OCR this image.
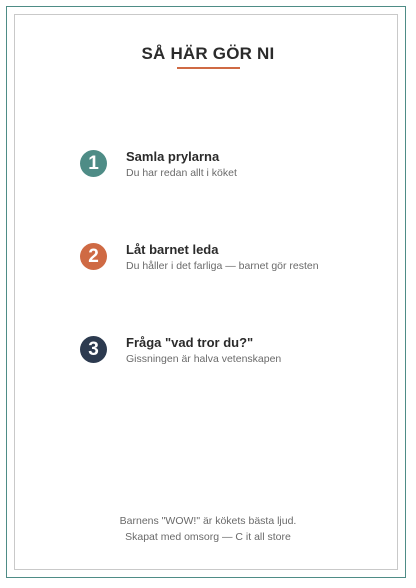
SÅ HÄR GÖR NI
1	Samla prylarna
Du har redan allt i köket
2	Låt barnet leda
Du håller i det farliga — barnet gör resten
3	Fråga "vad tror du?"
Gissningen är halva vetenskapen
Barnens "WOW!" är kökets bästa ljud.
Skapat med omsorg — C it all store
